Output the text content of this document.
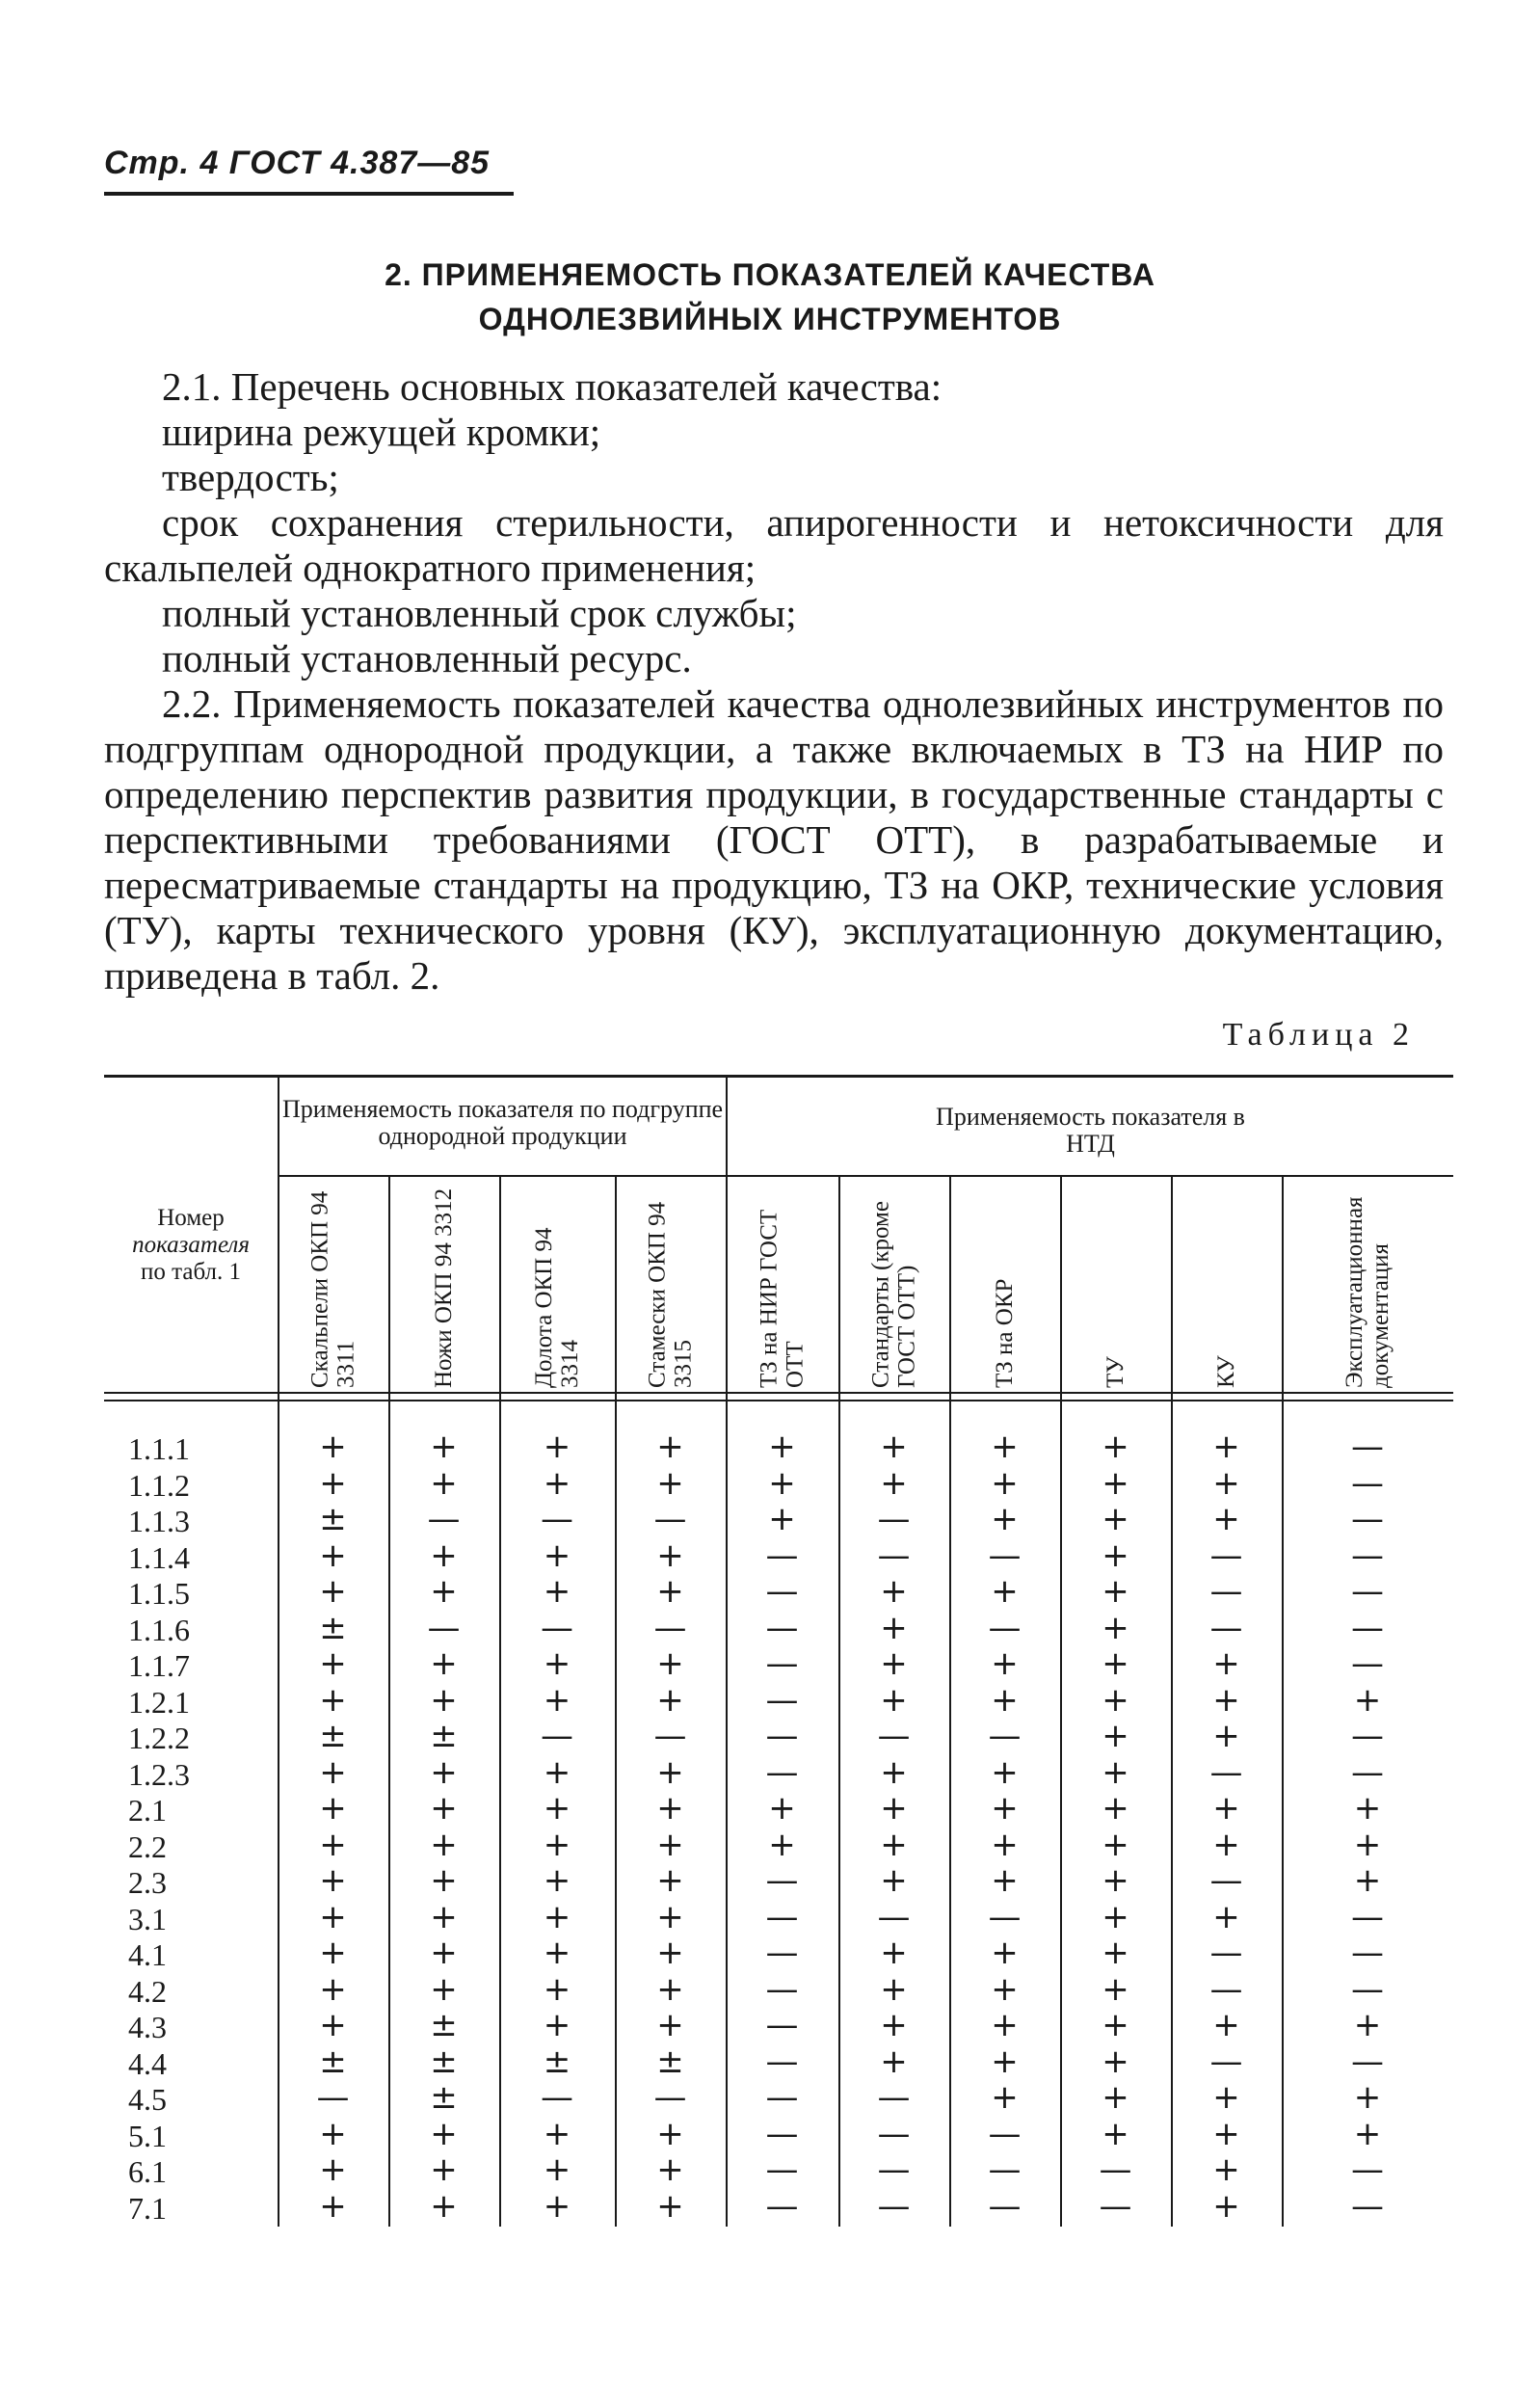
Стр. 4 ГОСТ 4.387—85
2. ПРИМЕНЯЕМОСТЬ ПОКАЗАТЕЛЕЙ КАЧЕСТВА
ОДНОЛЕЗВИЙНЫХ ИНСТРУМЕНТОВ

2.1. Перечень основных показателей качества:

ширина режущей кромки;

твердость;

срок сохранения стерильности, апирогенности и нетоксичности для скальпелей однократного применения;

полный установленный срок службы;

полный установленный ресурс.

2.2. Применяемость показателей качества однолезвийных инструментов по подгруппам однородной продукции, а также включаемых в ТЗ на НИР по определению перспектив развития продукции, в государственные стандарты с перспективными требованиями (ГОСТ ОТТ), в разрабатываемые и пересматриваемые стандарты на продукцию, ТЗ на ОКР, технические условия (ТУ), карты технического уровня (КУ), эксплуатационную документацию, приведена в табл. 2.

Таблица 2
Применяемость показателя по подгруппе однородной продукции
Применяемость показателя в НТД
Номер
показателя
по табл. 1	Скальпели ОКП 94 3311	Ножи ОКП 94 3312	Долота ОКП 94 3314	Стамески ОКП 94 3315	ТЗ на НИР ГОСТ ОТТ	Стандарты (кроме ГОСТ ОТТ)	ТЗ на ОКР	ТУ	КУ	Эксплуатационная документация
1.1.1	+	+	+	+	+	+	+	+	+	—
1.1.2	+	+	+	+	+	+	+	+	+	—
1.1.3	±	—	—	—	+	—	+	+	+	—
1.1.4	+	+	+	+	—	—	—	+	—	—
1.1.5	+	+	+	+	—	+	+	+	—	—
1.1.6	±	—	—	—	—	+	—	+	—	—
1.1.7	+	+	+	+	—	+	+	+	+	—
1.2.1	+	+	+	+	—	+	+	+	+	+
1.2.2	±	±	—	—	—	—	—	+	+	—
1.2.3	+	+	+	+	—	+	+	+	—	—
2.1	+	+	+	+	+	+	+	+	+	+
2.2	+	+	+	+	+	+	+	+	+	+
2.3	+	+	+	+	—	+	+	+	—	+
3.1	+	+	+	+	—	—	—	+	+	—
4.1	+	+	+	+	—	+	+	+	—	—
4.2	+	+	+	+	—	+	+	+	—	—
4.3	+	±	+	+	—	+	+	+	+	+
4.4	±	±	±	±	—	+	+	+	—	—
4.5	—	±	—	—	—	—	+	+	+	+
5.1	+	+	+	+	—	—	—	+	+	+
6.1	+	+	+	+	—	—	—	—	+	—
7.1	+	+	+	+	—	—	—	—	+	—
